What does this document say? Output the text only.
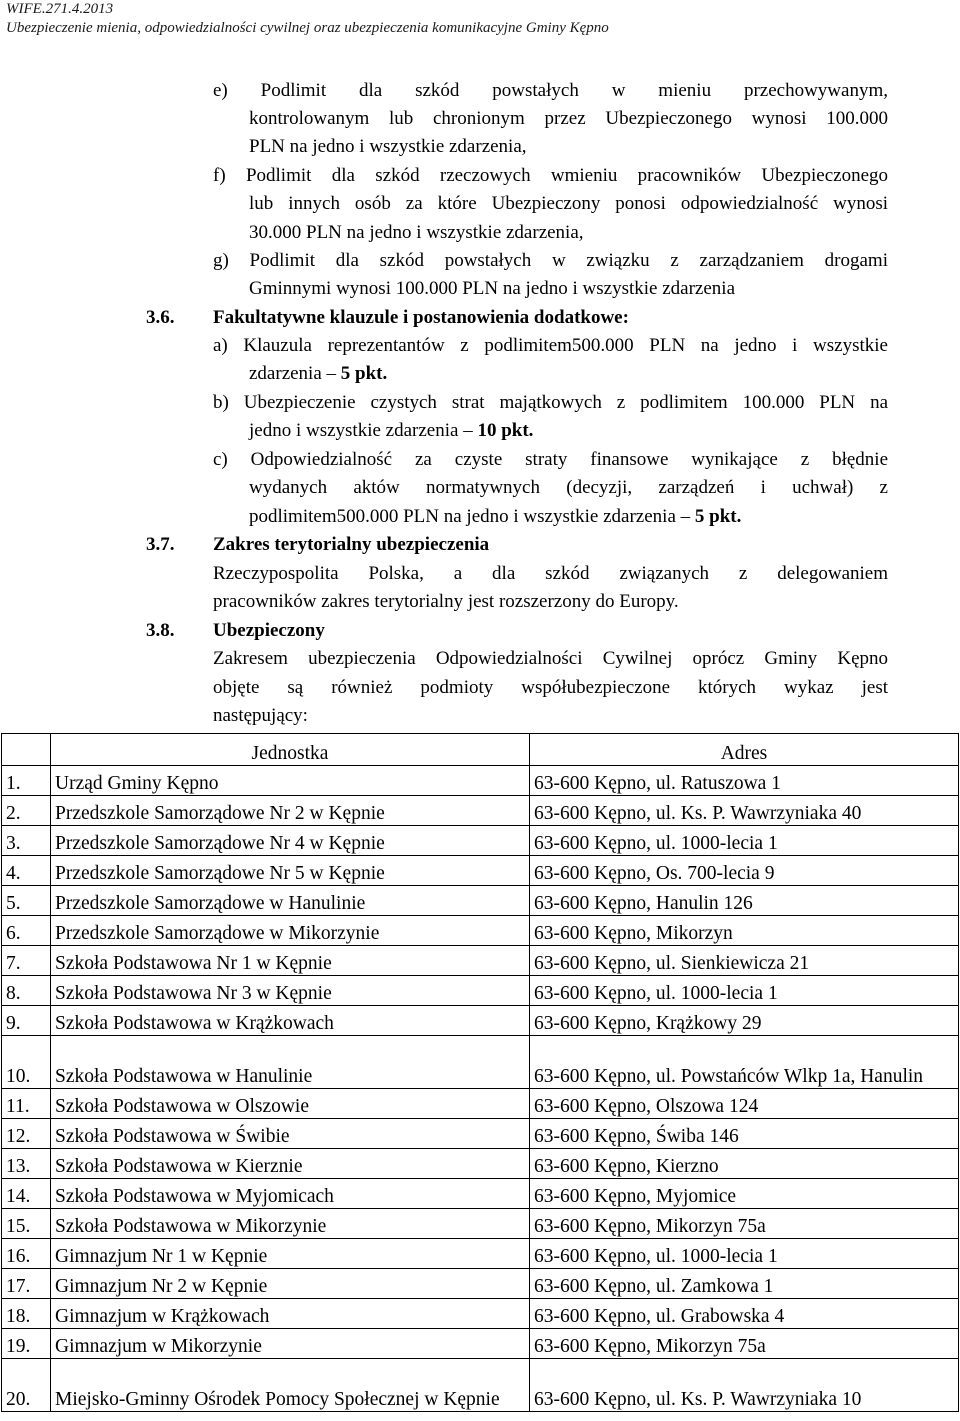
WIFE.271.4.2013
Ubezpieczenie mienia, odpowiedzialności cywilnej oraz ubezpieczenia komunikacyjne Gminy Kępno
e) Podlimit dla szkód powstałych w mieniu przechowywanym,
kontrolowanym lub chronionym przez Ubezpieczonego wynosi 100.000
PLN na jedno i wszystkie zdarzenia,
f) Podlimit dla szkód rzeczowych wmieniu pracowników Ubezpieczonego
lub innych osób za które Ubezpieczony ponosi odpowiedzialność wynosi
30.000 PLN na jedno i wszystkie zdarzenia,
g) Podlimit dla szkód powstałych w związku z zarządzaniem drogami
Gminnymi wynosi 100.000 PLN na jedno i wszystkie zdarzenia
3.6. Fakultatywne klauzule i postanowienia dodatkowe:
a) Klauzula reprezentantów z podlimitem500.000 PLN na jedno i wszystkie
zdarzenia – 5 pkt.
b) Ubezpieczenie czystych strat majątkowych z podlimitem 100.000 PLN na
jedno i wszystkie zdarzenia – 10 pkt.
c) Odpowiedzialność za czyste straty finansowe wynikające z błędnie
wydanych aktów normatywnych (decyzji, zarządzeń i uchwał) z
podlimitem500.000 PLN na jedno i wszystkie zdarzenia – 5 pkt.
3.7. Zakres terytorialny ubezpieczenia
Rzeczypospolita Polska, a dla szkód związanych z delegowaniem
pracowników zakres terytorialny jest rozszerzony do Europy.
3.8. Ubezpieczony
Zakresem ubezpieczenia Odpowiedzialności Cywilnej oprócz Gminy Kępno
objęte są również podmioty współubezpieczone których wykaz jest
następujący:
	Jednostka	Adres
1.	Urząd Gminy Kępno	63-600 Kępno, ul. Ratuszowa 1
2.	Przedszkole Samorządowe Nr 2 w Kępnie	63-600 Kępno, ul. Ks. P. Wawrzyniaka 40
3.	Przedszkole Samorządowe Nr 4 w Kępnie	63-600 Kępno, ul. 1000-lecia 1
4.	Przedszkole Samorządowe Nr 5 w Kępnie	63-600 Kępno, Os. 700-lecia 9
5.	Przedszkole Samorządowe w Hanulinie	63-600 Kępno, Hanulin 126
6.	Przedszkole Samorządowe w Mikorzynie	63-600 Kępno, Mikorzyn
7.	Szkoła Podstawowa Nr 1 w Kępnie	63-600 Kępno, ul. Sienkiewicza 21
8.	Szkoła Podstawowa Nr 3 w Kępnie	63-600 Kępno, ul. 1000-lecia 1
9.	Szkoła Podstawowa w Krążkowach	63-600 Kępno, Krążkowy 29
10.	Szkoła Podstawowa w Hanulinie	63-600 Kępno, ul. Powstańców Wlkp 1a, Hanulin
11.	Szkoła Podstawowa w Olszowie	63-600 Kępno, Olszowa 124
12.	Szkoła Podstawowa w Świbie	63-600 Kępno, Świba 146
13.	Szkoła Podstawowa w Kierznie	63-600 Kępno, Kierzno
14.	Szkoła Podstawowa w Myjomicach	63-600 Kępno, Myjomice
15.	Szkoła Podstawowa w Mikorzynie	63-600 Kępno, Mikorzyn 75a
16.	Gimnazjum Nr 1 w Kępnie	63-600 Kępno, ul. 1000-lecia 1
17.	Gimnazjum Nr 2 w Kępnie	63-600 Kępno, ul. Zamkowa 1
18.	Gimnazjum w Krążkowach	63-600 Kępno, ul. Grabowska 4
19.	Gimnazjum w Mikorzynie	63-600 Kępno, Mikorzyn 75a
20.	Miejsko-Gminny Ośrodek Pomocy Społecznej w Kępnie	63-600 Kępno, ul. Ks. P. Wawrzyniaka 10
